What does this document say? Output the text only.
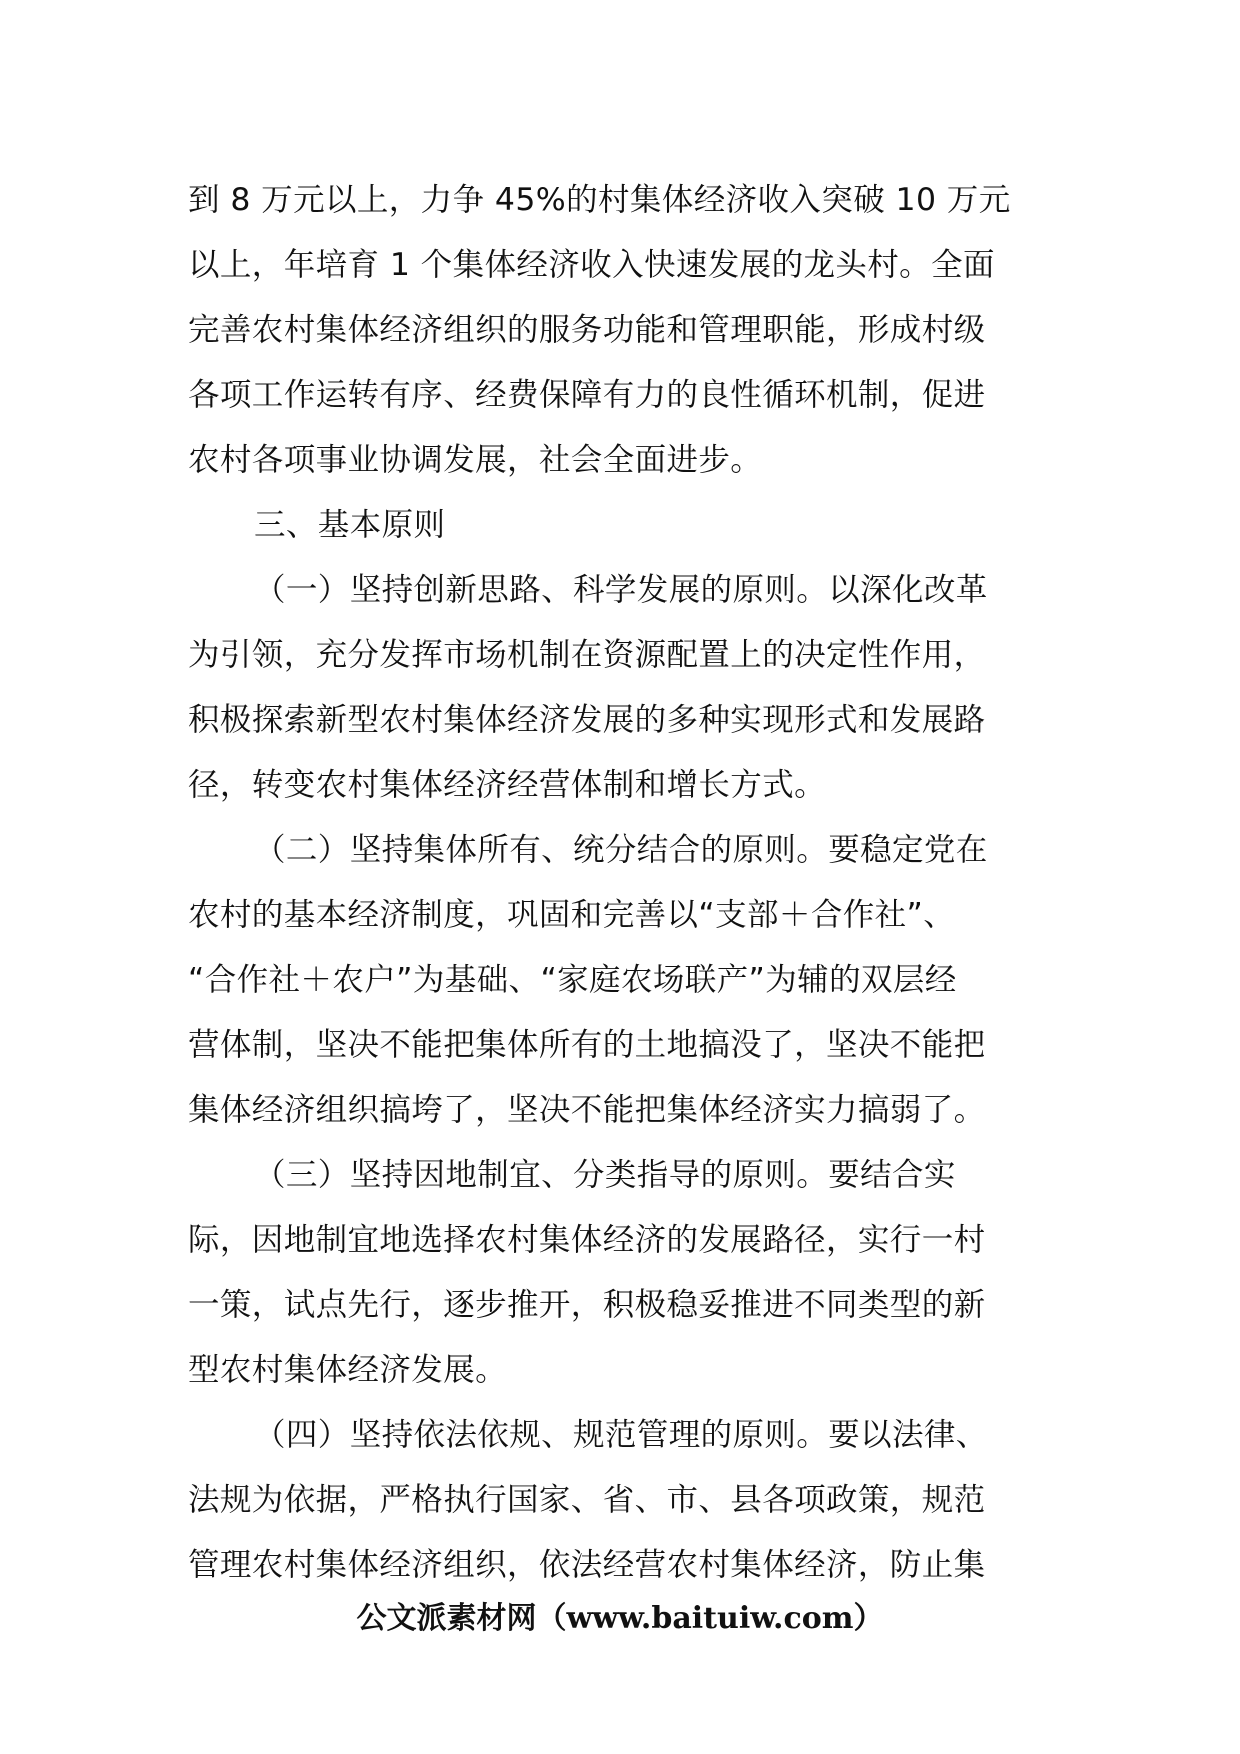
到 8 万元以上，力争 45%的村集体经济收入突破 10 万元
以上，年培育 1 个集体经济收入快速发展的龙头村。全面
完善农村集体经济组织的服务功能和管理职能，形成村级
各项工作运转有序、经费保障有力的良性循环机制，促进
农村各项事业协调发展，社会全面进步。
三、基本原则
（一）坚持创新思路、科学发展的原则。以深化改革
为引领，充分发挥市场机制在资源配置上的决定性作用，
积极探索新型农村集体经济发展的多种实现形式和发展路
径，转变农村集体经济经营体制和增长方式。
（二）坚持集体所有、统分结合的原则。要稳定党在
农村的基本经济制度，巩固和完善以“支部＋合作社”、
“合作社＋农户”为基础、“家庭农场联产”为辅的双层经
营体制，坚决不能把集体所有的土地搞没了，坚决不能把
集体经济组织搞垮了，坚决不能把集体经济实力搞弱了。
（三）坚持因地制宜、分类指导的原则。要结合实
际，因地制宜地选择农村集体经济的发展路径，实行一村
一策，试点先行，逐步推开，积极稳妥推进不同类型的新
型农村集体经济发展。
（四）坚持依法依规、规范管理的原则。要以法律、
法规为依据，严格执行国家、省、市、县各项政策，规范
管理农村集体经济组织，依法经营农村集体经济，防止集
公文派素材网（www.baituiw.com）
